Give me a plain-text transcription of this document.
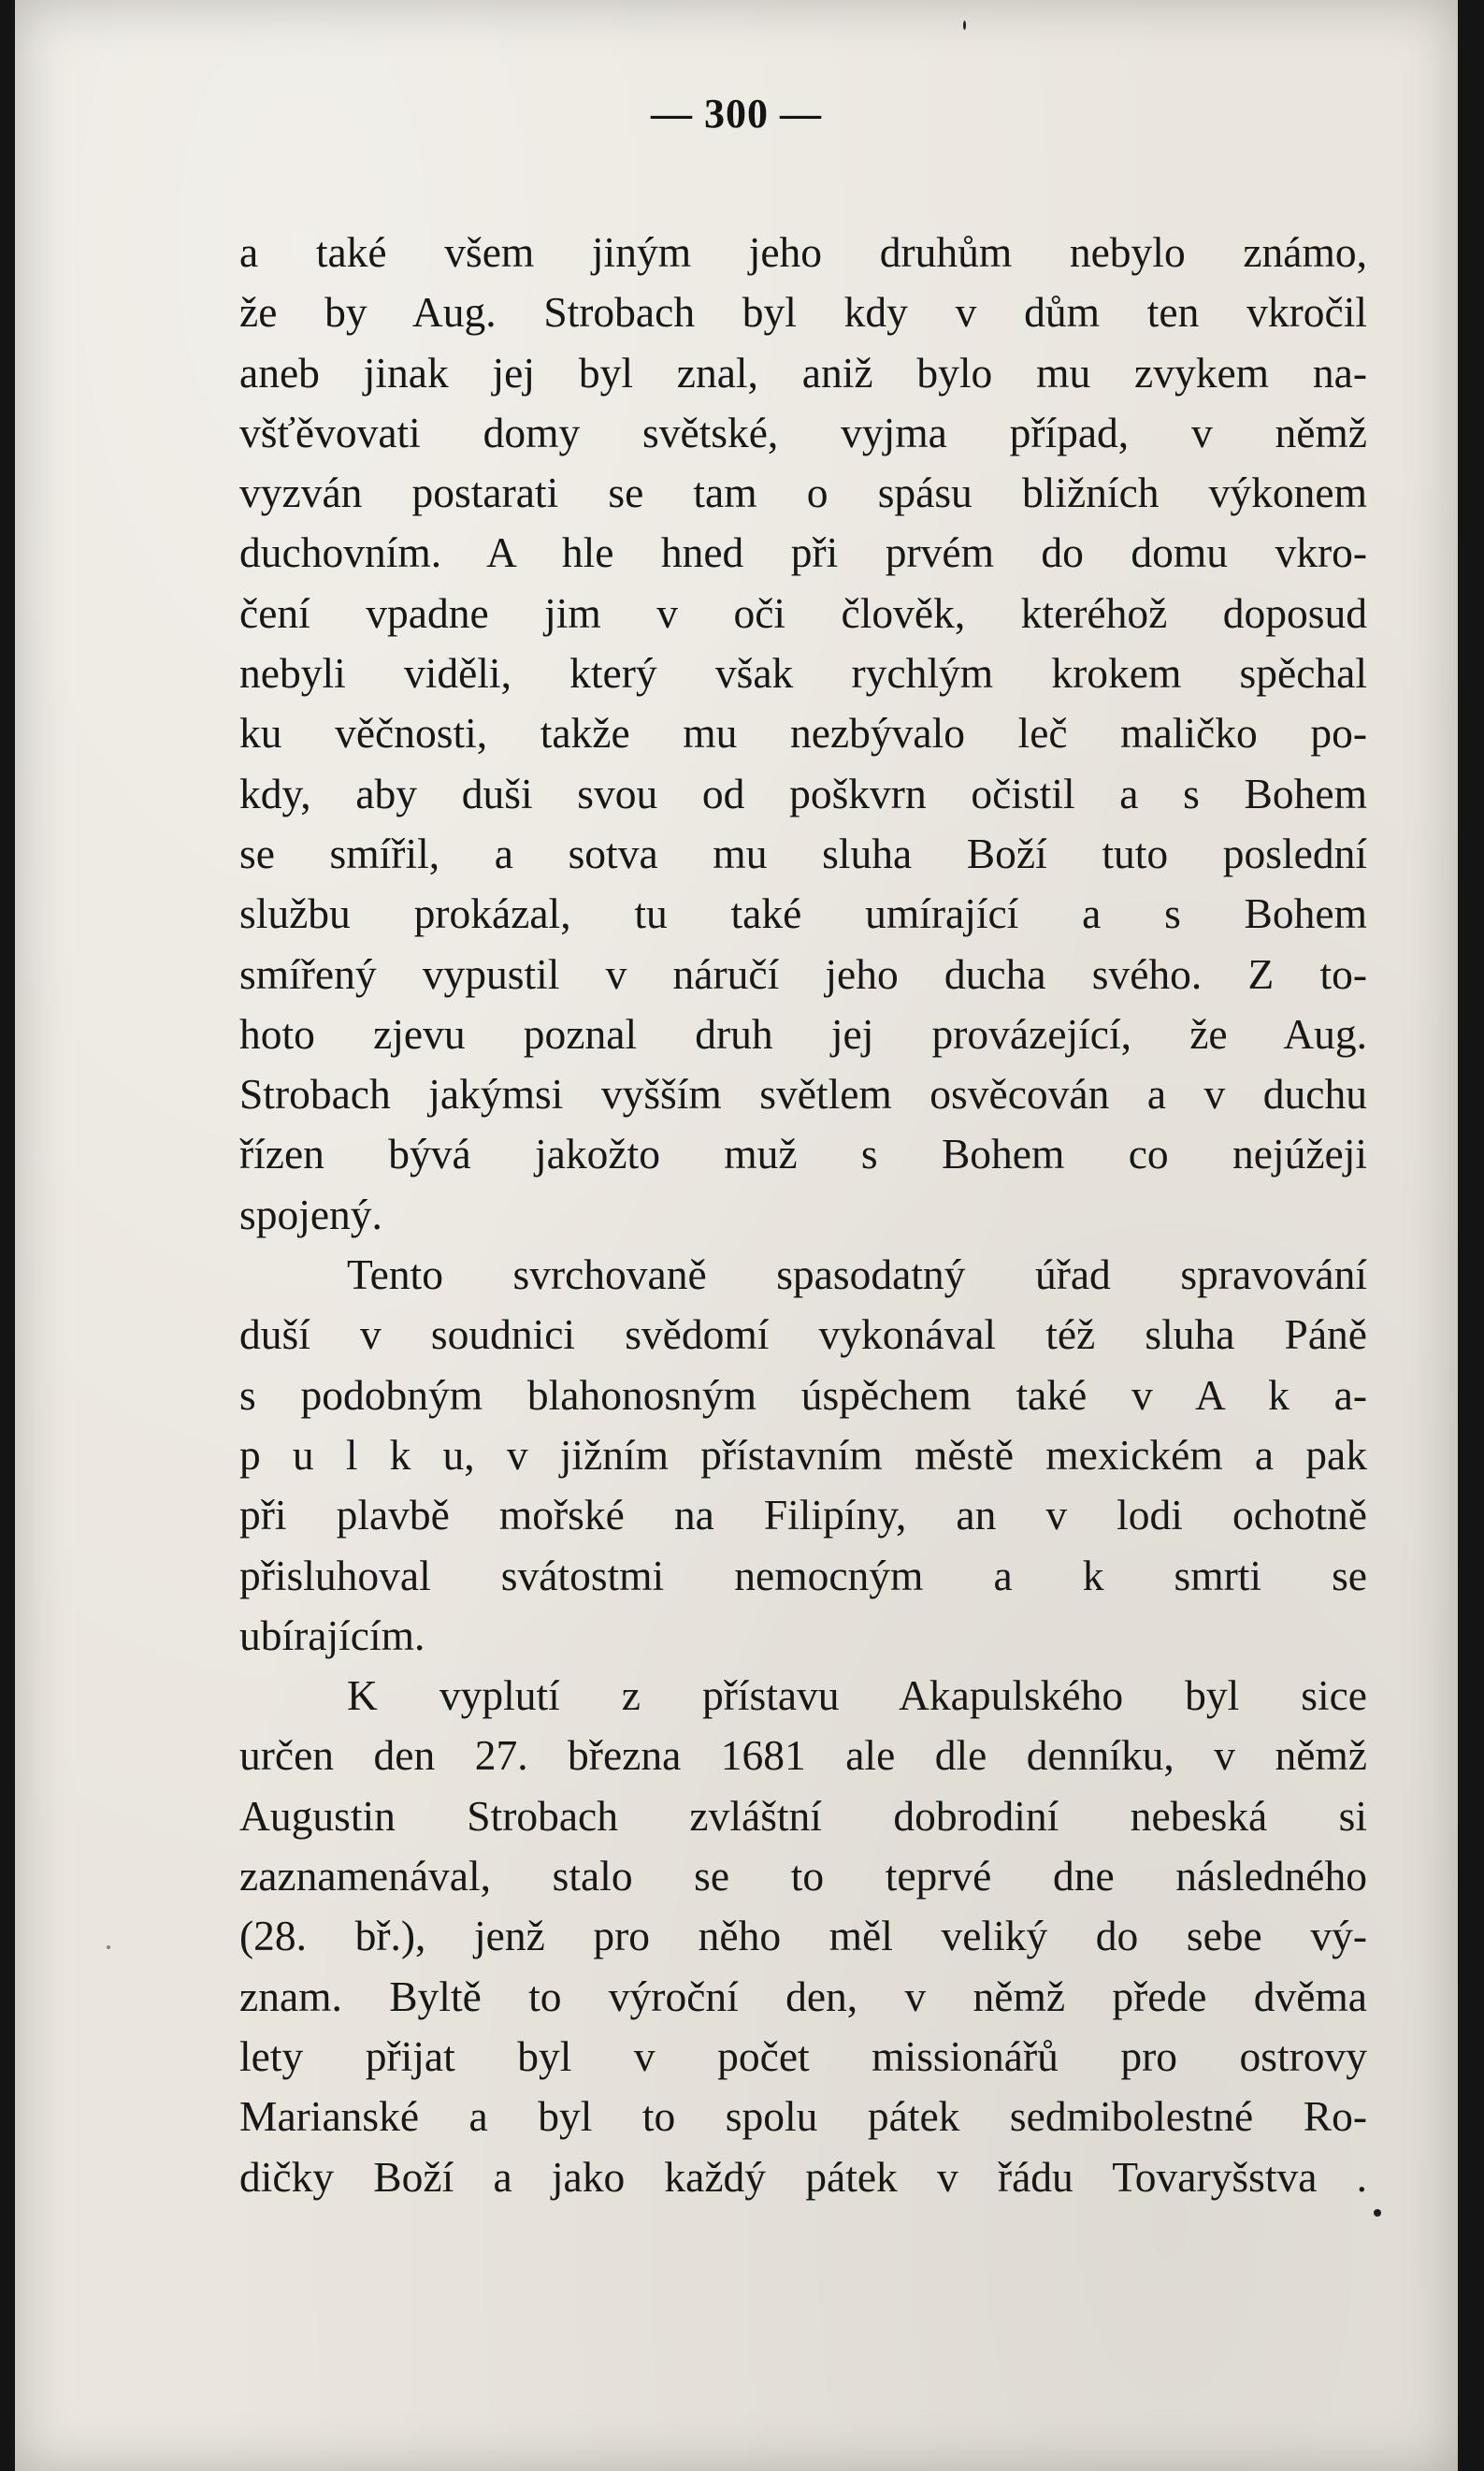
— 300 —
a také všem jiným jeho druhům nebylo známo,
že by Aug. Strobach byl kdy v dům ten vkročil
aneb jinak jej byl znal, aniž bylo mu zvykem na-
všťěvovati domy světské, vyjma případ, v němž
vyzván postarati se tam o spásu bližních výkonem
duchovním. A hle hned při prvém do domu vkro-
čení vpadne jim v oči člověk, kteréhož doposud
nebyli viděli, který však rychlým krokem spěchal
ku věčnosti, takže mu nezbývalo leč maličko po-
kdy, aby duši svou od poškvrn očistil a s Bohem
se smířil, a sotva mu sluha Boží tuto poslední
službu prokázal, tu také umírající a s Bohem
smířený vypustil v náručí jeho ducha svého. Z to-
hoto zjevu poznal druh jej provázející, že Aug.
Strobach jakýmsi vyšším světlem osvěcován a v duchu
řízen bývá jakožto muž s Bohem co nejúžeji
spojený.
Tento svrchovaně spasodatný úřad spravování
duší v soudnici svědomí vykonával též sluha Páně
s podobným blahonosným úspěchem také v A k a-
p u l k u, v jižním přístavním městě mexickém a pak
při plavbě mořské na Filipíny, an v lodi ochotně
přisluhoval svátostmi nemocným a k smrti se
ubírajícím.
K vyplutí z přístavu Akapulského byl sice
určen den 27. března 1681 ale dle denníku, v němž
Augustin Strobach zvláštní dobrodiní nebeská si
zaznamenával, stalo se to teprvé dne následného
(28. bř.), jenž pro něho měl veliký do sebe vý-
znam. Byltě to výroční den, v němž přede dvěma
lety přijat byl v počet missionářů pro ostrovy
Marianské a byl to spolu pátek sedmibolestné Ro-
dičky Boží a jako každý pátek v řádu Tovaryšstva .
